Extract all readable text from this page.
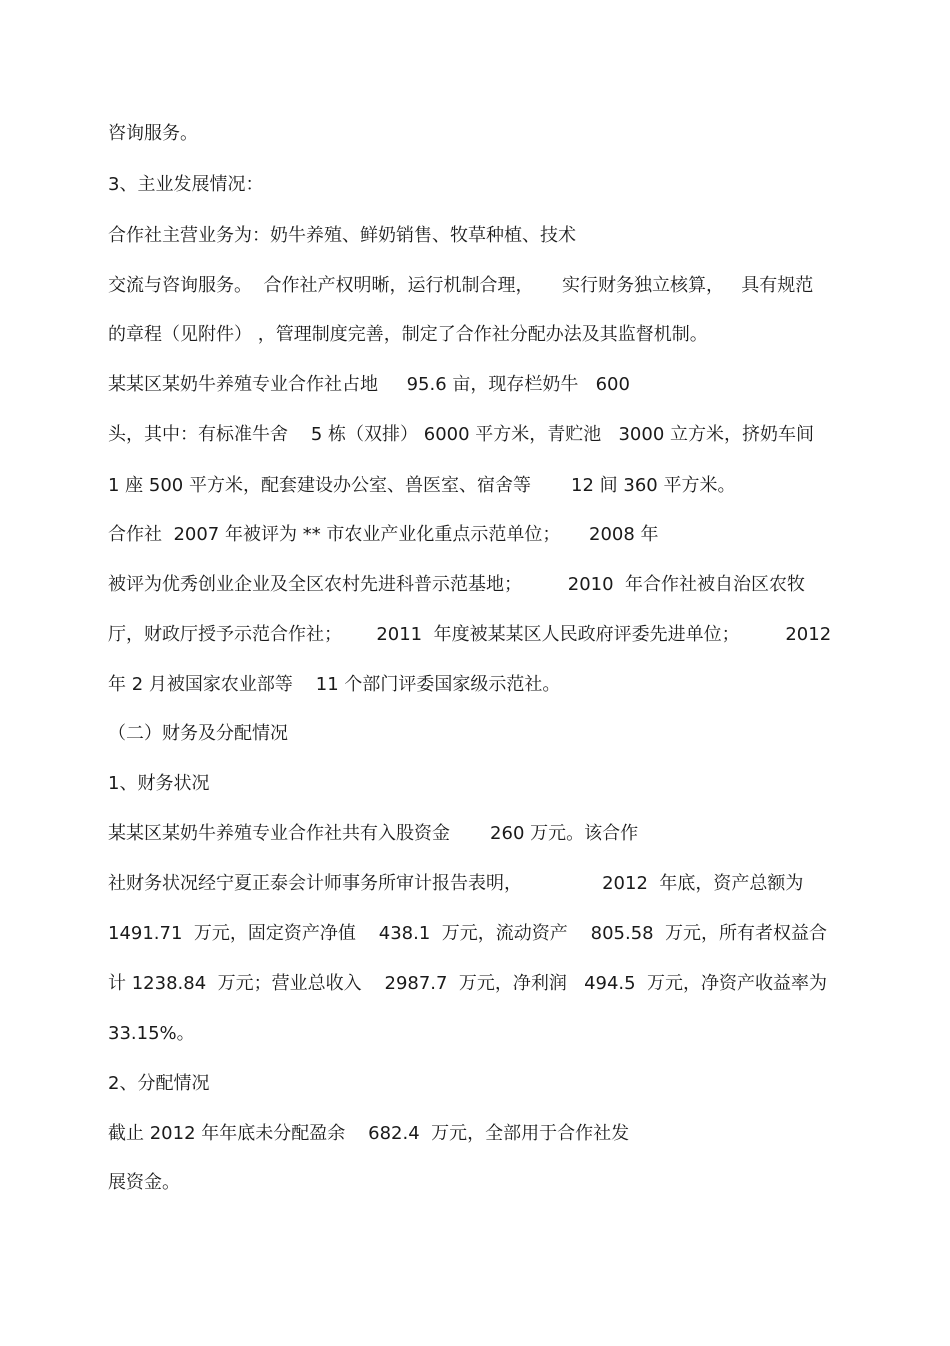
咨询服务。

3、主业发展情况：

合作社主营业务为：奶牛养殖、鲜奶销售、牧草种植、技术

交流与咨询服务。  合作社产权明晰，运行机制合理，     实行财务独立核算，   具有规范

的章程（见附件） ，管理制度完善，制定了合作社分配办法及其监督机制。

某某区某奶牛养殖专业合作社占地     95.6 亩，现存栏奶牛   600

头，其中：有标准牛舍    5 栋（双排） 6000 平方米，青贮池   3000 立方米，挤奶车间

1 座 500 平方米，配套建设办公室、兽医室、宿舍等       12 间 360 平方米。

合作社  2007 年被评为 ** 市农业产业化重点示范单位；     2008 年

被评为优秀创业企业及全区农村先进科普示范基地；        2010  年合作社被自治区农牧

厅，财政厅授予示范合作社；      2011  年度被某某区人民政府评委先进单位；        2012

年 2 月被国家农业部等    11 个部门评委国家级示范社。

（二）财务及分配情况

1、财务状况

某某区某奶牛养殖专业合作社共有入股资金       260 万元。该合作

社财务状况经宁夏正泰会计师事务所审计报告表明，              2012  年底，资产总额为

1491.71  万元，固定资产净值    438.1  万元，流动资产    805.58  万元，所有者权益合

计 1238.84  万元；营业总收入    2987.7  万元，净利润   494.5  万元，净资产收益率为

33.15%。

2、分配情况

截止 2012 年年底未分配盈余    682.4  万元，全部用于合作社发

展资金。
